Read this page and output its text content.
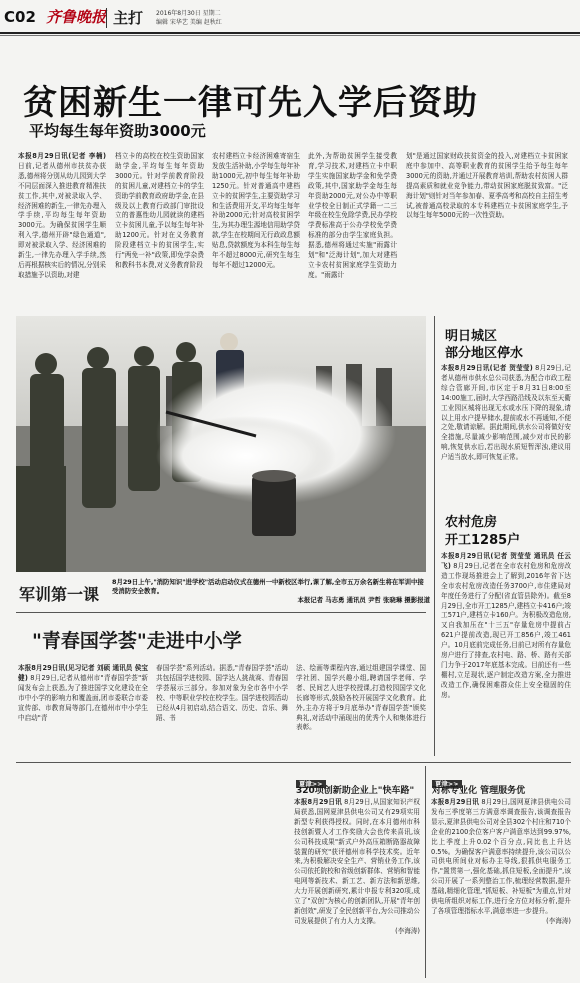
C02 齐鲁晚报 主打 2016年8月30日 星期二
编辑 宋华艺 美编 赵秋红
贫困新生一律可先入学后资助
平均每生每年资助3000元
本报8月29日讯(记者 李楠) 日前,记者从德州市扶贫办获悉,德州将分别从幼儿园到大学不同层面深入推进教育精准扶贫工作,其中,对被录取入学、经济困难的新生,一律先办理入学手续,平均每生每年资助3000元。为确保贫困学生顺利入学,德州开辟"绿色通道",即对被录取入学、经济困难的新生,一律先办理入学手续,然后再根据核实后的情况,分别采取措施予以资助,对建
档立卡的高校在校生资助国家助学金,平均每生每年资助3000元。针对学前教育阶段的贫困儿童,对建档立卡的学生资助学前教育政府助学金,在县级及以上教育行政部门审批设立的普惠性幼儿园就读的建档立卡贫困儿童,予以每生每年补助1200元。针对在义务教育阶段建档立卡的贫困学生,实行"两免一补"政策,即免学杂费和教科书本费,对义务教育阶段
农村建档立卡经济困难寄宿生发放生活补助,小学每生每年补助1000元,初中每生每年补助1250元。针对普通高中建档立卡的贫困学生,主要资助学习和生活费用开支,平均每生每年补助2000元;针对高校贫困学生,为其办理生源地信用助学贷款,学生在校期间无行政政息额贴息,贷款额度为本科生每生每年不超过8000元,研究生每生每年不超过12000元。
此外,为帮助贫困学生接受教育,学习技术,对建档立卡中职学生实施国家助学金和免学费政策,其中,国家助学金每生每年资助2000元,对公办中等职业学校全日制正式学籍一二三年级在校生免除学费,民办学校学费标准高于公办学校免学费标准的部分由学生家庭负担。据悉,德州将通过实施"雨露计划"和"泛海计划",加大对建档立卡农村贫困家庭学生资助力度。"雨露计
划"是通过国家财政扶贫资金的投入,对建档立卡贫困家庭中参加中、高等职业教育的贫困学生给予每生每年3000元的资助,并通过开展教育培训,帮助农村贫困人群提高素质和就业竞争能力,带动贫困家庭脱贫致富。"泛海计划"则针对当年参加春、夏季高考和高校自主招生考试,被普通高校录取的本专科建档立卡贫困家庭学生,予以每生每年5000元的一次性资助。
8月29日上午,"消防知识"进学校"活动启动仪式在德州一中新校区举行,课了解,全市五万余名新生将在军训中接受消防安全教育。
本报记者 马志勇 通讯员 尹哲 张晓琳 摄影报道
军训第一课
明日城区
部分地区停水
本报8月29日讯(记者 贺莹莹) 8月29日,记者从德州市供水总公司获悉,为配合市政工程综合管廊开间,市区定于8月31日8:00至14:00施工,届时,大学西路沿线及以东至天衢工业园区城将出现无水或水压下降的现象,请以上用水户提早储水,提前或水不再通知,不便之处,敬请谅解。据此期间,供水公司将做好安全措施,尽量减少影响范围,减少对市民的影响,恢复供水后,若出现水质短暂浑浊,建议用户适当放水,即可恢复正常。
农村危房
开工1285户
本报8月29日讯(记者 贺莹莹 通讯员 任云飞) 8月29日,记者在全市农村危房和危房改造工作现场推进会上了解到,2016年省下达全市农村危房改造任务3700户,市住建局对年度任务进行了分配(省直管县除外)。截至8月29日,全市开工1285户,建档立卡416户;竣工571户,建档立卡160户。为积极改造危房,又自我加压在"十三五"存量危房中提前占621户提前改造,现已开工856户,竣工461户。10月底前完成任务,目前已对所有存量危房户进行了排查,农村电、路、桥、路有关部门力争于2017年底基本完成。目前还有一些棚村,立足现状,逐户制定改造方案,全力推进改造工作,确保困难群众住上安全稳固的住房。
"青春国学荟"走进中小学
本报8月29日讯(见习记者 刘硕 通讯员 侯宝健) 8月29日,记者从德州市"青春国学荟"新闻发布会上获悉,为了推进国学文化建设在全市中小学的影响力和覆盖面,团市委联合市委宣传部、市教育局等部门,在德州市中小学生中启动"青
春国学荟"系列活动。据悉,"青春国学荟"活动共包括国学进校园、国学达人挑战赛、青春国学荟展示三部分。参加对象为全市各中小学校、中等职业学校在校学生。国学进校园活动已经从4月初启动,结合语文、历史、音乐、舞蹈、书
法、绘画等课程内容,通过组建国学课堂、国学社团、国学兴趣小组,聘请国学老师、学者、民间艺人进学校授课,打造校园国学文化长廊等形式,鼓励各校开展国学文化教育。此外,主办方将于9月底举办"青春国学荟"颁奖典礼,对活动中涌现出的优秀个人和集体进行表彰。
夏津>>
320项创新助企业上"快车路"
本报8月29日讯 8月29日,从国家知识产权局获悉,国网夏津县供电公司又有29项实用新型专利获得授权。同时,在本月德州市科技创新暨人才工作奖励大会也传来喜讯,该公司科技成果"新式户外高压箱断路器故障装置的研究"获评德州市科学技术奖。近年来,为积极解决安全生产、营销业务工作,该公司依托院校和省级创新群体、营销和智能电网等新技术、新工艺、新方法和新思维,大力开展创新研究,累计申报专利320项,成立了"双创"为核心的创新团队,开展"青年创新创效",研发了全民创新平台,为公司推动公司发展提供了有力人力支撑。
(李海涛)
夏津>>
对标专业化 管理服务优
本报8月29日讯 8月29日,国网夏津县供电公司发布三季度第三方满意率调查报告,该调查报告显示,夏津县供电公司对全县302个村庄和710个企业的2100余位客户客户满意率达到99.97%,比上季度上升0.02个百分点,同比也上升达0.5%。为确保客户满意率持续提升,该公司以公司供电所间业对标办主导线,狠抓供电服务工作,"置贯第一,强化基础,抓住短板,全面提升",该公司开展了一系列整治工作,梳理经营数据,提升基础,精细化管理,"抓短板、补短板"为重点,针对供电所组织对标工作,进行全方位对标分析,提升了各项管理指标水平,满意率进一步提升。
(李海涛)
